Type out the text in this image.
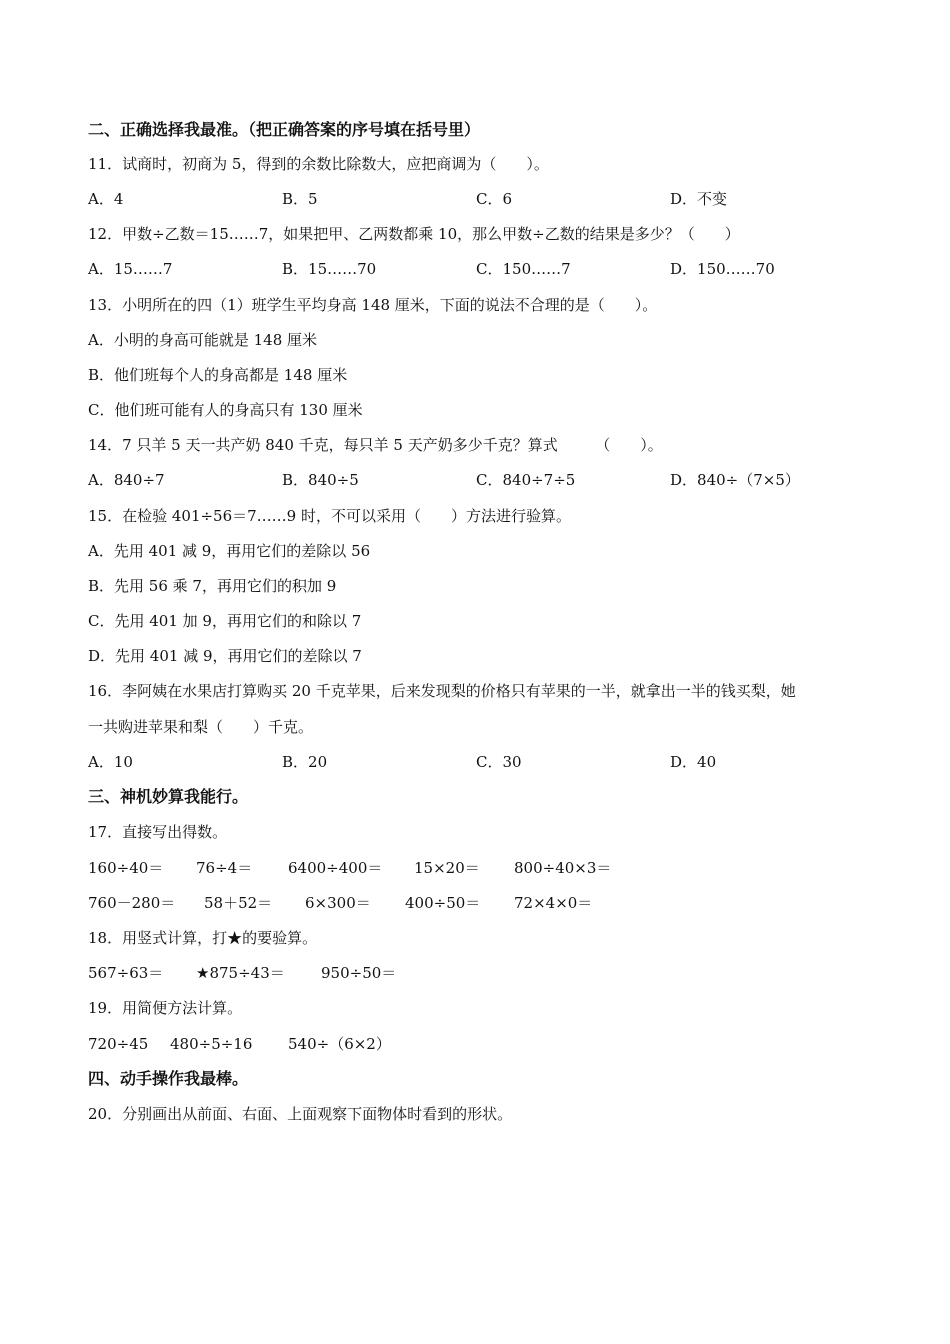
二、正确选择我最准。（把正确答案的序号填在括号里）
11．试商时，初商为 5，得到的余数比除数大，应把商调为（　　）。
A．4	B．5	C．6	D．不变
12．甲数÷乙数＝15……7，如果把甲、乙两数都乘 10，那么甲数÷乙数的结果是多少？（　　）
A．15……7	B．15……70	C．150……7	D．150……70
13．小明所在的四（1）班学生平均身高 148 厘米，下面的说法不合理的是（　　）。
A．小明的身高可能就是 148 厘米
B．他们班每个人的身高都是 148 厘米
C．他们班可能有人的身高只有 130 厘米
14．7 只羊 5 天一共产奶 840 千克，每只羊 5 天产奶多少千克？算式　　　（　　）。
A．840÷7	B．840÷5	C．840÷7÷5	D．840÷（7×5）
15．在检验 401÷56＝7……9 时，不可以采用（　　）方法进行验算。
A．先用 401 减 9，再用它们的差除以 56
B．先用 56 乘 7，再用它们的积加 9
C．先用 401 加 9，再用它们的和除以 7
D．先用 401 减 9，再用它们的差除以 7
16．李阿姨在水果店打算购买 20 千克苹果，后来发现梨的价格只有苹果的一半，就拿出一半的钱买梨，她
一共购进苹果和梨（　　）千克。
A．10	B．20	C．30	D．40
三、神机妙算我能行。
17．直接写出得数。
160÷40＝ 76÷4＝ 6400÷400＝ 15×20＝ 800÷40×3＝
760－280＝ 58＋52＝ 6×300＝ 400÷50＝ 72×4×0＝
18．用竖式计算，打★的要验算。
567÷63＝ ★875÷43＝ 950÷50＝
19．用简便方法计算。
720÷45 480÷5÷16 540÷（6×2）
四、动手操作我最棒。
20．分别画出从前面、右面、上面观察下面物体时看到的形状。
